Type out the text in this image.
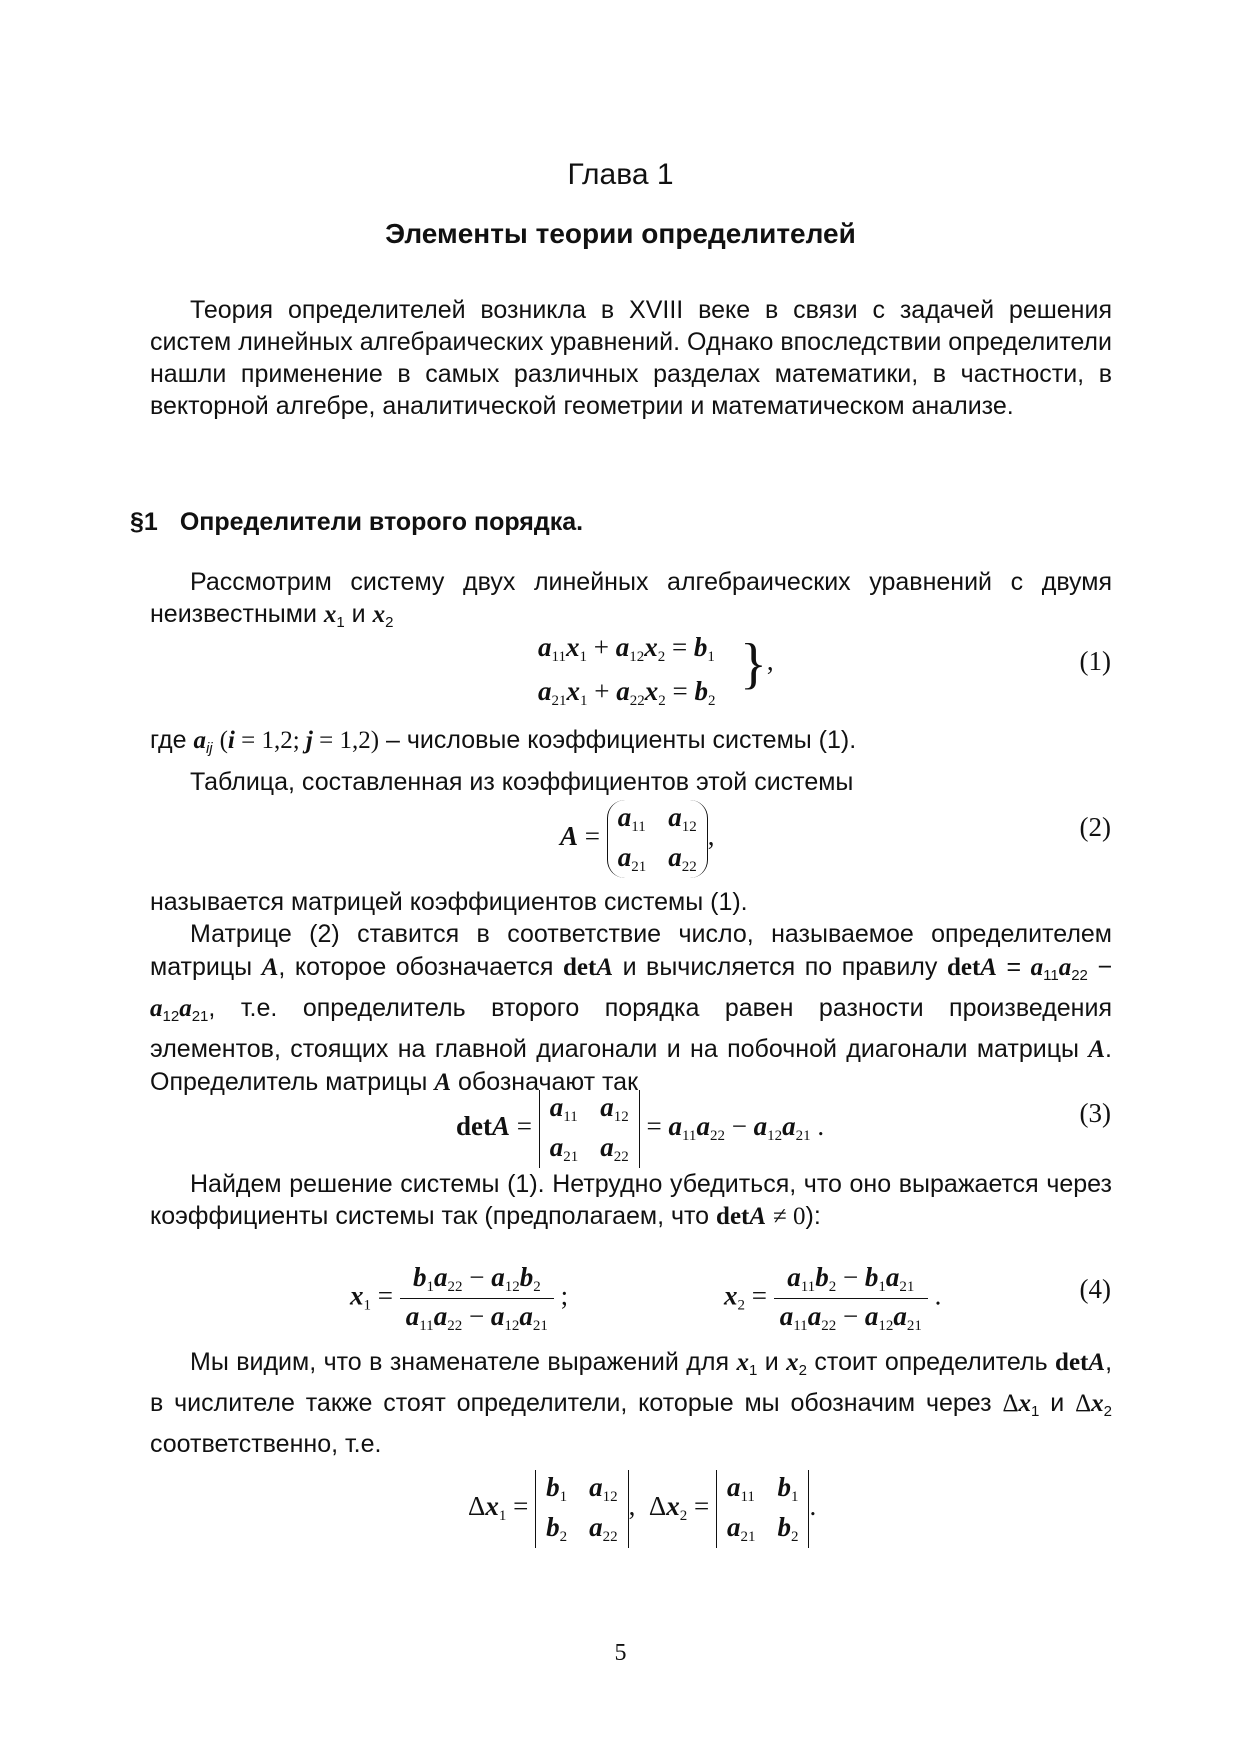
Глава 1
Элементы теории определителей

Теория определителей возникла в XVIII веке в связи с задачей решения систем линейных алгебраических уравнений. Однако впоследствии определители нашли применение в самых различных разделах математики, в частности, в векторной алгебре, аналитической геометрии и математическом анализе.

§1 Определители второго порядка.

Рассмотрим систему двух линейных алгебраических уравнений с двумя неизвестными $x_1$ и $x_2$

$a_{11}x_1 + a_{12}x_2 = b_1$
$a_{21}x_1 + a_{22}x_2 = b_2$
},	(1)

где $a_{ij}$ (i = 1,2; j = 1,2) – числовые коэффициенты системы (1).

Таблица, составленная из коэффициентов этой системы

A =
$a_{11}$ $a_{12}$
$a_{21}$ $a_{22}$
,	(2)

называется матрицей коэффициентов системы (1).

Матрице (2) ставится в соответствие число, называемое определителем матрицы A, которое обозначается detA и вычисляется по правилу $\det A = a_{11}a_{22} - a_{12}a_{21}$, т.е. определитель второго порядка равен разности произведения элементов, стоящих на главной диагонали и на побочной диагонали матрицы A. Определитель матрицы A обозначают так

detA =
$a_{11}$ $a_{12}$
$a_{21}$ $a_{22}$
= $a_{11}a_{22} - a_{12}a_{21}$ .	(3)

Найдем решение системы (1). Нетрудно убедиться, что оно выражается через коэффициенты системы так (предполагаем, что detA ≠ 0):

$x_1 = \frac{b_1a_{22} - a_{12}b_2}{a_{11}a_{22} - a_{12}a_{21}}$ ;	$x_2 = \frac{a_{11}b_2 - b_1a_{21}}{a_{11}a_{22} - a_{12}a_{21}}$ .	(4)

Мы видим, что в знаменателе выражений для $x_1$ и $x_2$ стоит определитель detA, в числителе также стоят определители, которые мы обозначим через $\Delta x_1$ и $\Delta x_2$ соответственно, т.е.

$\Delta x_1$ =
$b_1$ $a_{12}$
$b_2$ $a_{22}$
,  $\Delta x_2$ =
$a_{11}$ $b_1$
$a_{21}$ $b_2$
.
5
